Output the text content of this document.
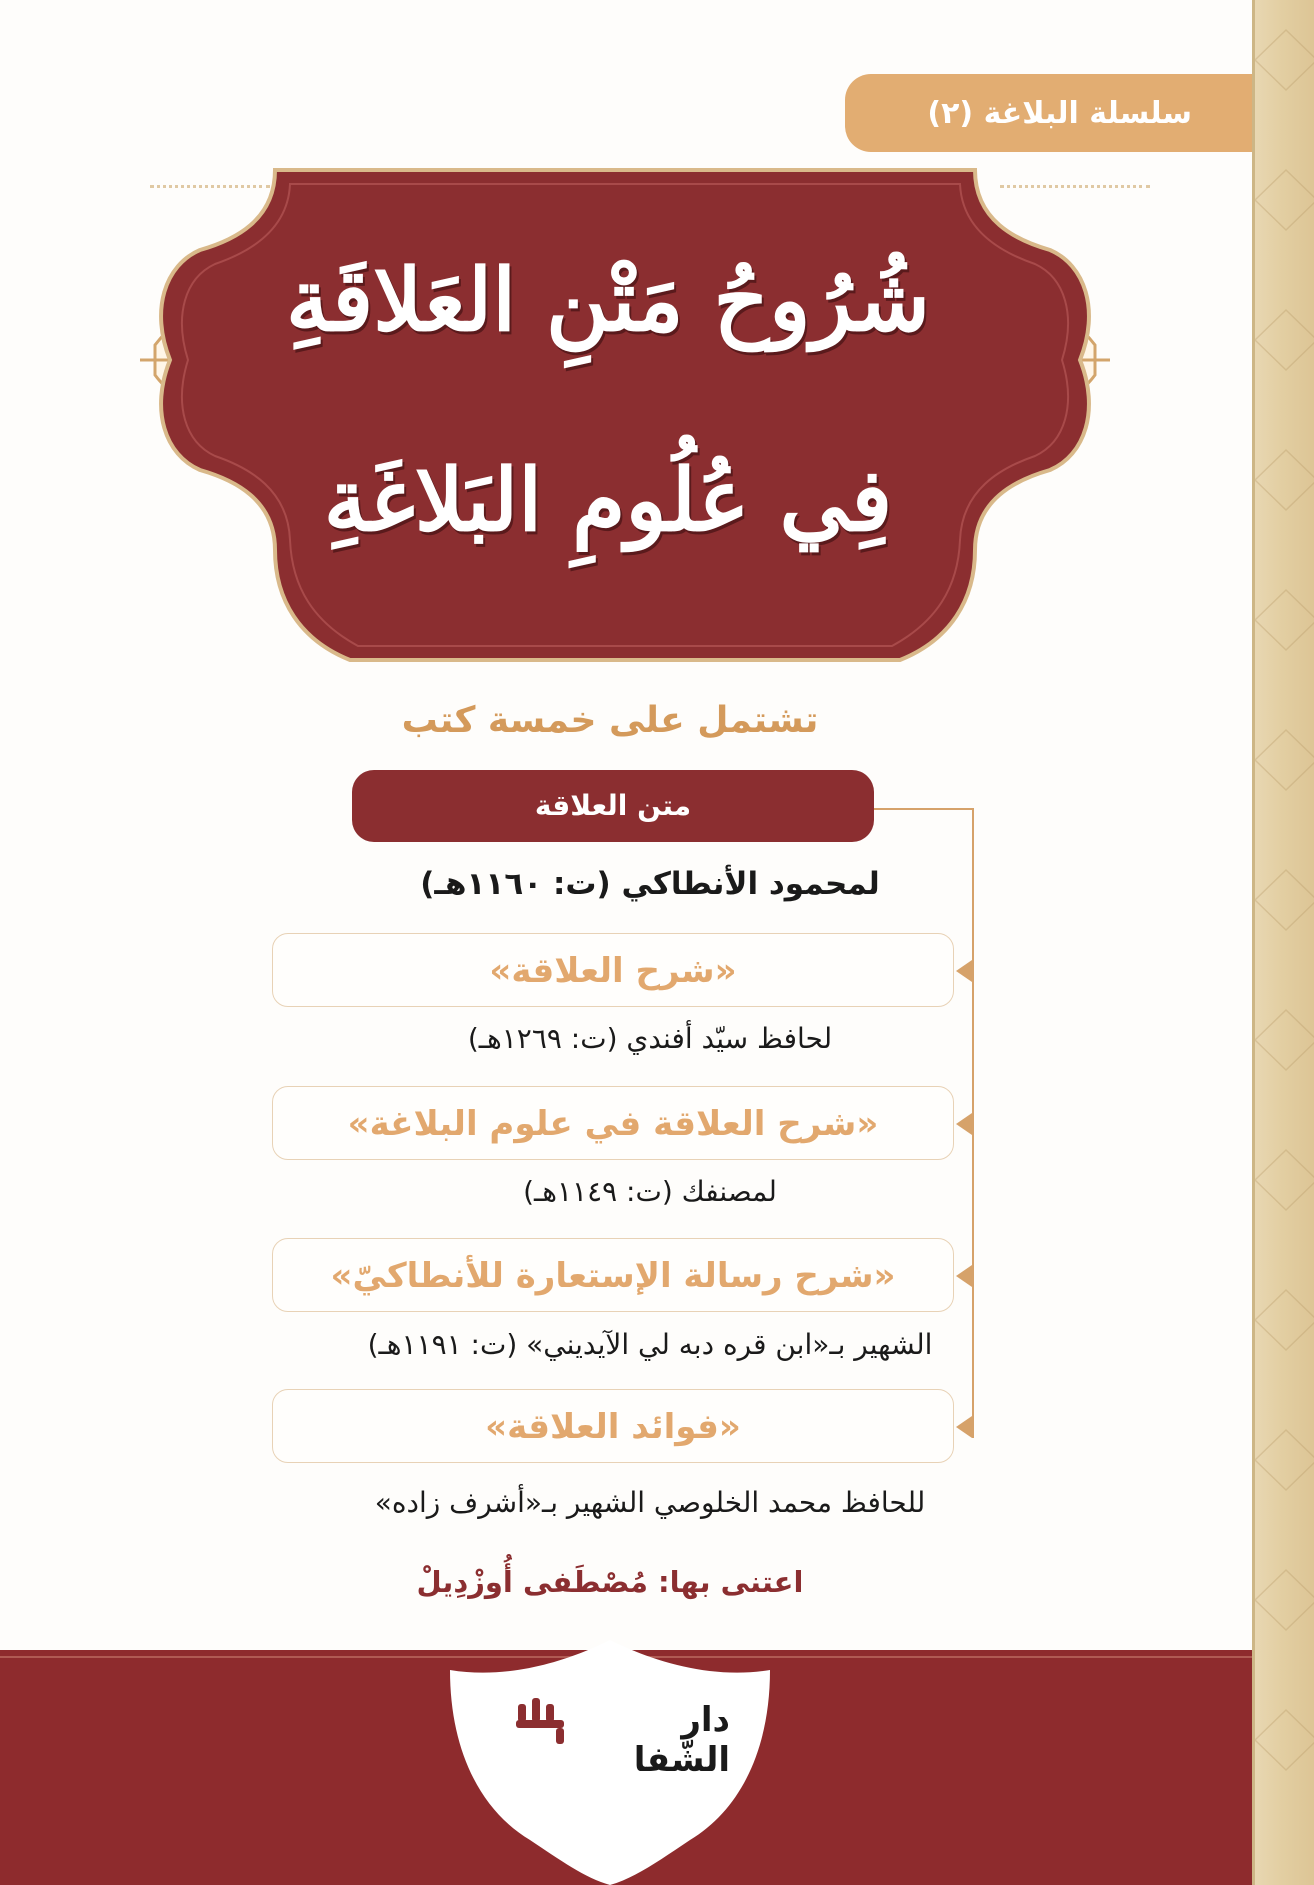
سلسلة البلاغة (٢)
شُرُوحُ مَتْنِ العَلاقَةِ
فِي عُلُومِ البَلاغَةِ
تشتمل على خمسة كتب
متن العلاقة
لمحمود الأنطاكي (ت: ١١٦٠هـ)
«شرح العلاقة»
لحافظ سيّد أفندي (ت: ١٢٦٩هـ)
«شرح العلاقة في علوم البلاغة»
لمصنفك (ت: ١١٤٩هـ)
«شرح رسالة الإستعارة للأنطاكيّ»
الشهير بـ«ابن قره دبه لي الآيديني» (ت: ١١٩١هـ)
«فوائد العلاقة»
للحافظ محمد الخلوصي الشهير بـ«أشرف زاده»
اعتنى بها: مُصْطَفى أُوزْدِيلْ
دار الشّفا
